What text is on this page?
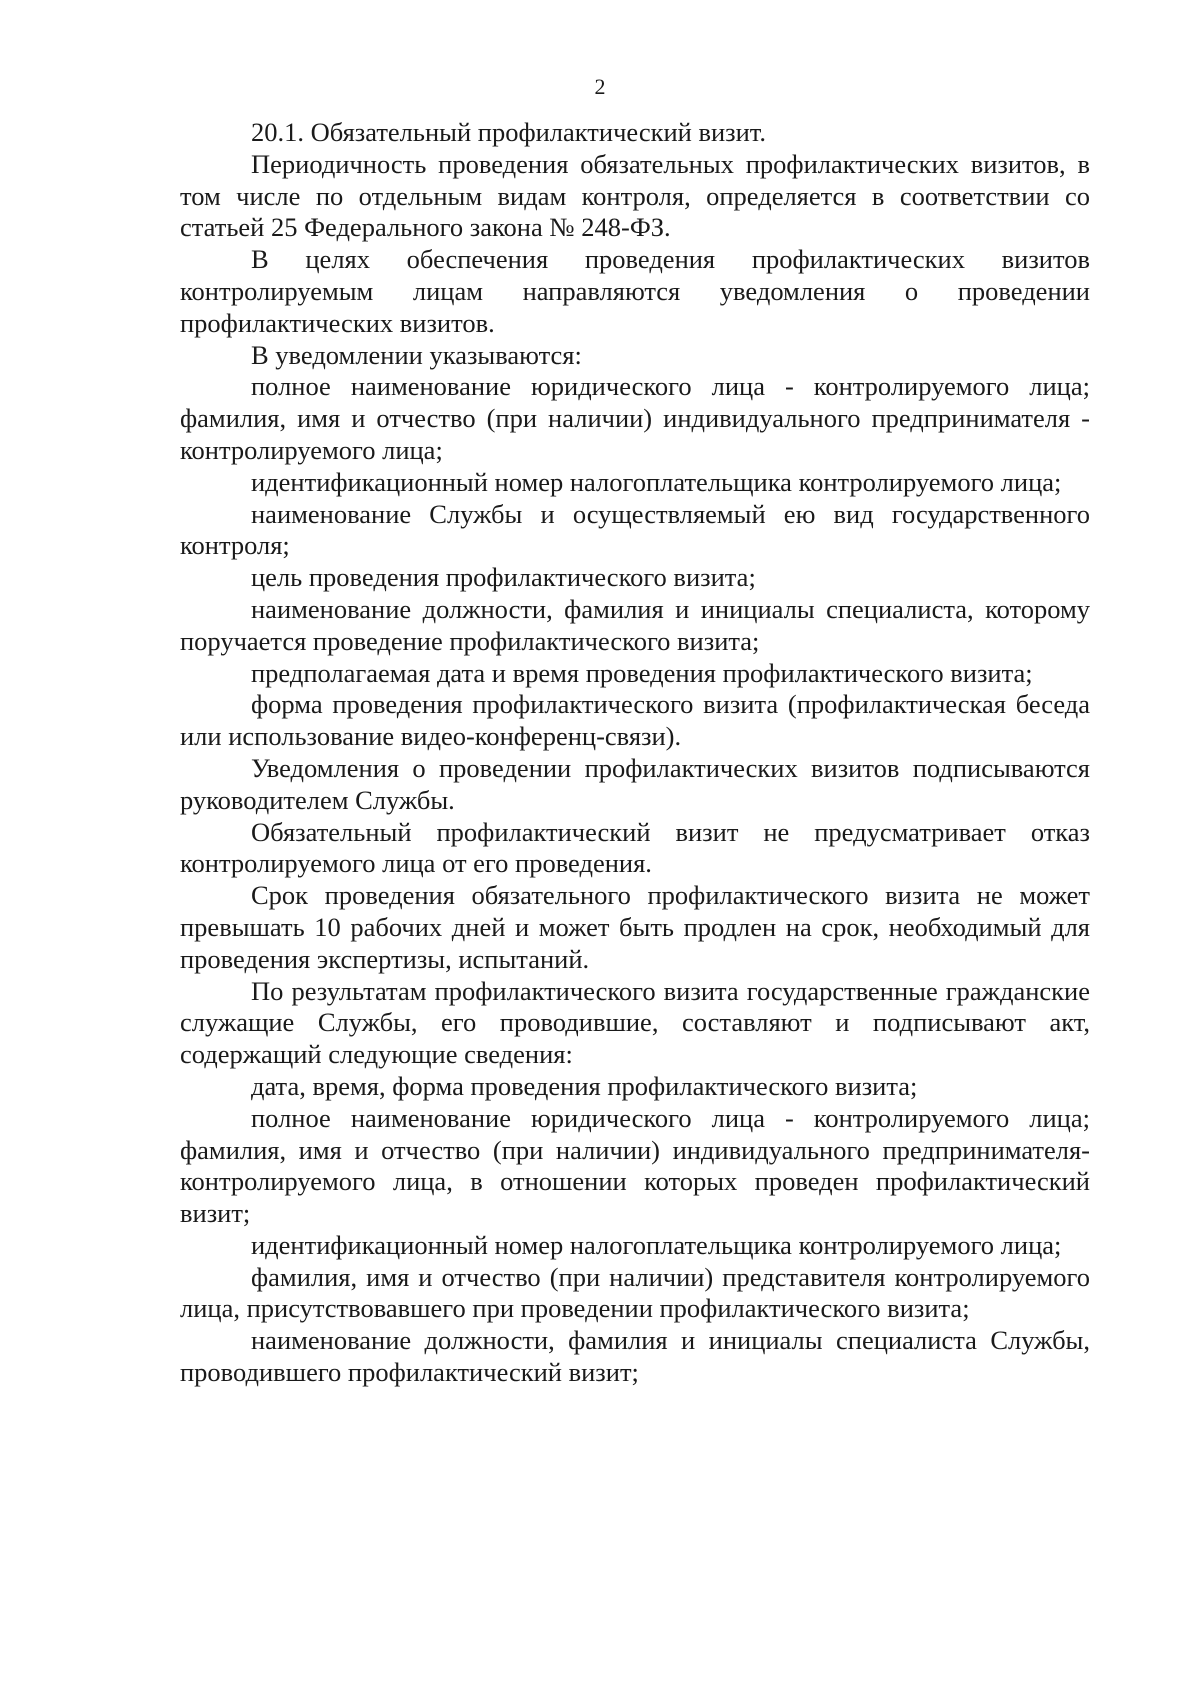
2

20.1. Обязательный профилактический визит.

Периодичность проведения обязательных профилактических визитов, в том числе по отдельным видам контроля, определяется в соответствии со статьей 25 Федерального закона № 248-ФЗ.

В целях обеспечения проведения профилактических визитов контролируемым лицам направляются уведомления о проведении профилактических визитов.

В уведомлении указываются:

полное наименование юридического лица - контролируемого лица; фамилия, имя и отчество (при наличии) индивидуального предпринимателя - контролируемого лица;

идентификационный номер налогоплательщика контролируемого лица;

наименование Службы и осуществляемый ею вид государственного контроля;

цель проведения профилактического визита;

наименование должности, фамилия и инициалы специалиста, которому поручается проведение профилактического визита;

предполагаемая дата и время проведения профилактического визита;

форма проведения профилактического визита (профилактическая беседа или использование видео-конференц-связи).

Уведомления о проведении профилактических визитов подписываются руководителем Службы.

Обязательный профилактический визит не предусматривает отказ контролируемого лица от его проведения.

Срок проведения обязательного профилактического визита не может превышать 10 рабочих дней и может быть продлен на срок, необходимый для проведения экспертизы, испытаний.

По результатам профилактического визита государственные гражданские служащие Службы, его проводившие, составляют и подписывают акт, содержащий следующие сведения:

дата, время, форма проведения профилактического визита;

полное наименование юридического лица - контролируемого лица; фамилия, имя и отчество (при наличии) индивидуального предпринимателя-контролируемого лица, в отношении которых проведен профилактический визит;

идентификационный номер налогоплательщика контролируемого лица;

фамилия, имя и отчество (при наличии) представителя контролируемого лица, присутствовавшего при проведении профилактического визита;

наименование должности, фамилия и инициалы специалиста Службы, проводившего профилактический визит;
